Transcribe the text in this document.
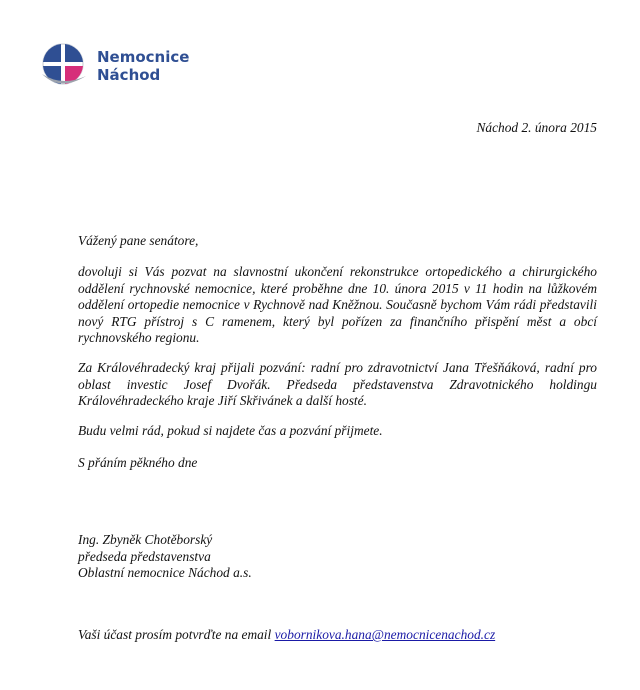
Nemocnice
Náchod
Náchod 2. února 2015
Vážený pane senátore,
dovoluji si Vás pozvat na slavnostní ukončení rekonstrukce ortopedického a chirurgického oddělení rychnovské nemocnice, které proběhne dne 10. února 2015 v 11 hodin na lůžkovém oddělení ortopedie nemocnice v Rychnově nad Kněžnou. Současně bychom Vám rádi představili nový RTG přístroj s C ramenem, který byl pořízen za finančního přispění měst a obcí rychnovského regionu.
Za Královéhradecký kraj přijali pozvání: radní pro zdravotnictví Jana Třešňáková, radní pro oblast investic Josef Dvořák. Předseda představenstva Zdravotnického holdingu Královéhradeckého kraje Jiří Skřivánek a další hosté.
Budu velmi rád, pokud si najdete čas a pozvání přijmete.
S přáním pěkného dne
Ing. Zbyněk Chotěborský
předseda představenstva
Oblastní nemocnice Náchod a.s.
Vaši účast prosím potvrďte na email vobornikova.hana@nemocnicenachod.cz
